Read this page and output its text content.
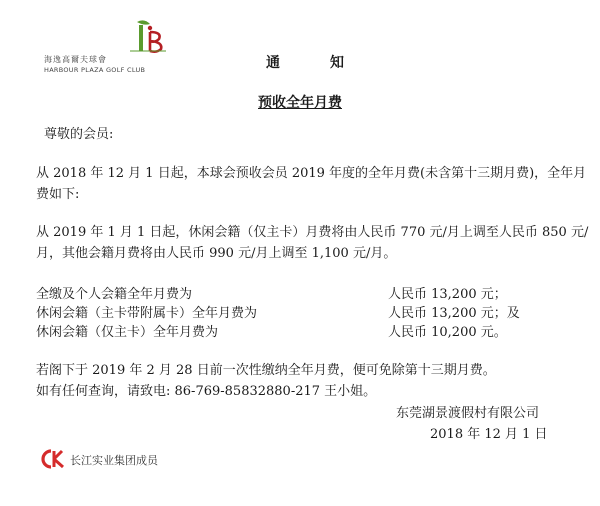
海逸高爾夫球會
HARBOUR PLAZA GOLF CLUB	通	知
预收全年月费
尊敬的会员:
从 2018 年 12 月 1 日起，本球会预收会员 2019 年度的全年月费(未含第十三期月费)，全年月
费如下:
从 2019 年 1 月 1 日起，休闲会籍（仅主卡）月费将由人民币 770 元/月上调至人民币 850 元/
月，其他会籍月费将由人民币 990 元/月上调至 1,100 元/月。
全缴及个人会籍全年月费为	人民币 13,200 元；
休闲会籍（主卡带附属卡）全年月费为	人民币 13,200 元；及
休闲会籍（仅主卡）全年月费为	人民币 10,200 元。
若阁下于 2019 年 2 月 28 日前一次性缴纳全年月费，便可免除第十三期月费。
如有任何查询，请致电: 86-769-85832880-217 王小姐。
东莞湖景渡假村有限公司
2018 年 12 月 1 日
长江实业集团成员
